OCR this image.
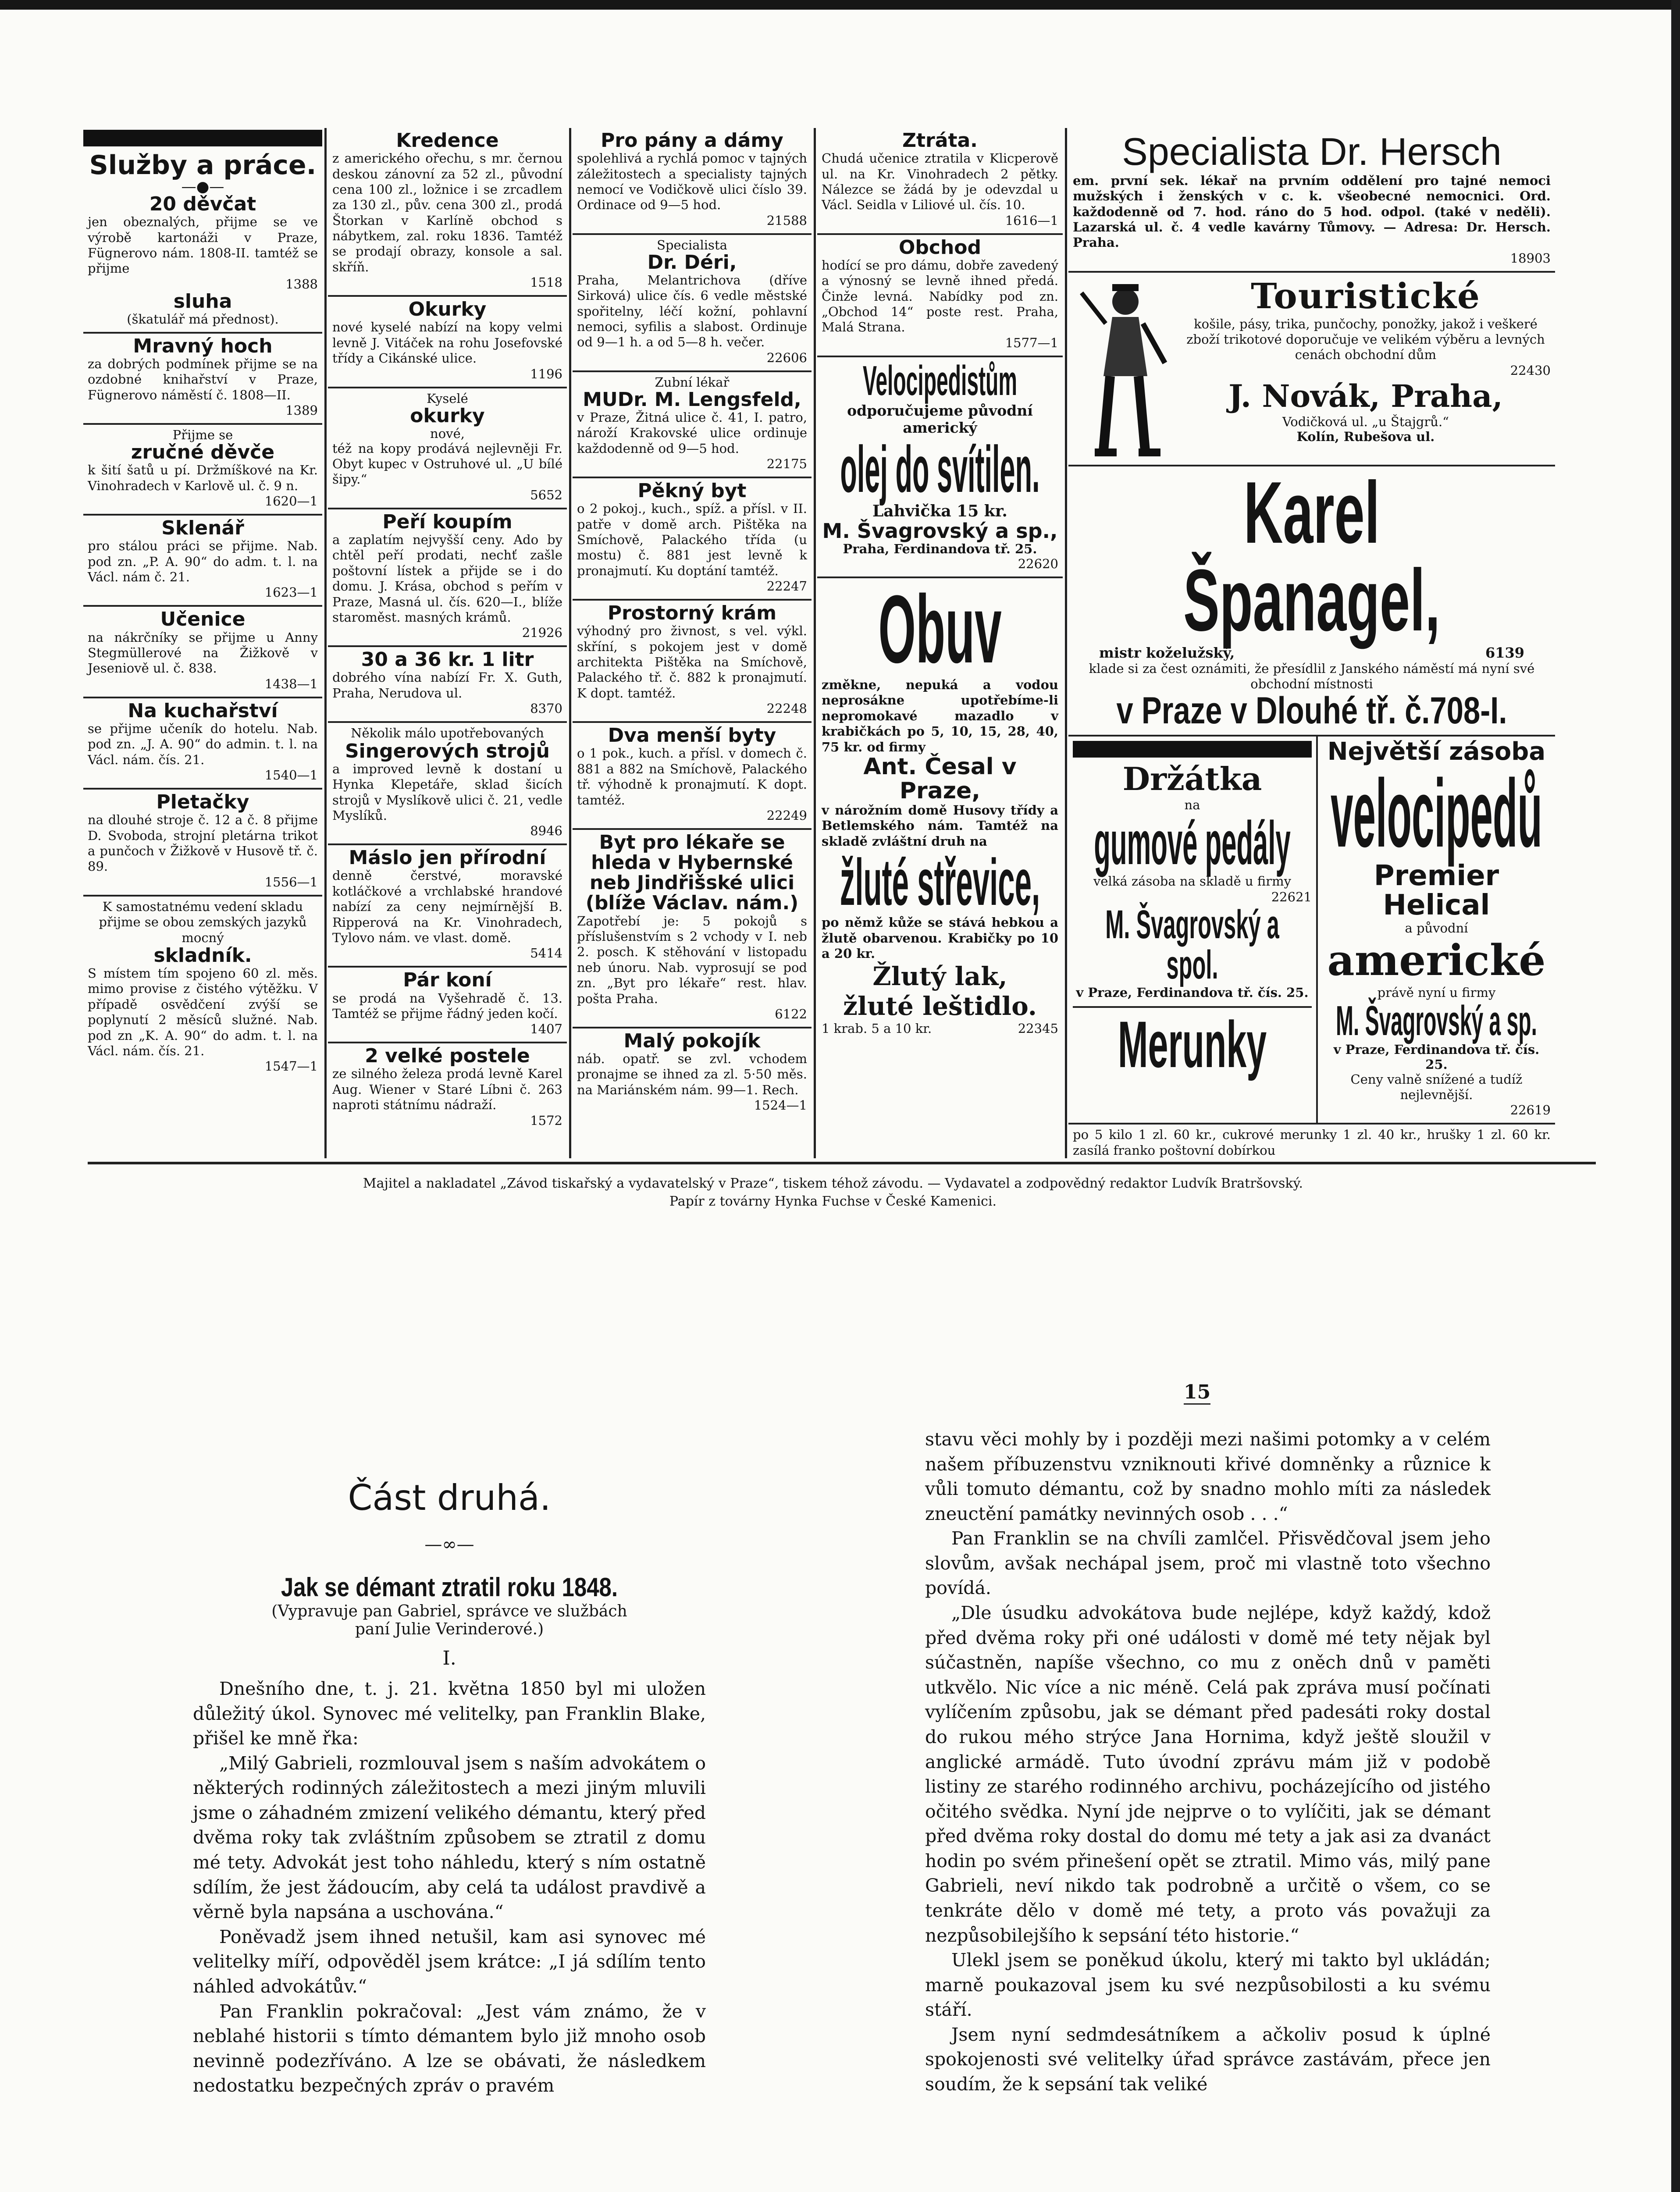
Služby a práce.
—●—
20 děvčat
jen obeznalých, přijme se ve výrobě kartonáži v Praze, Fügnerovo nám. 1808-II. tamtéž se přijme
1388
sluha
(škatulář má přednost).
Mravný hoch
za dobrých podmínek přijme se na ozdobné knihařství v Praze, Fügnerovo náměstí č. 1808—II.
1389
Přijme se
zručné děvče
k šití šatů u pí. Držmíškové na Kr. Vinohradech v Karlově ul. č. 9 n.
1620—1
Sklenář
pro stálou práci se přijme. Nab. pod zn. „P. A. 90“ do adm. t. l. na Václ. nám č. 21.
1623—1
Učenice
na nákrčníky se přijme u Anny Stegmüllerové na Žižkově v Jeseniově ul. č. 838.
1438—1
Na kuchařství
se přijme učeník do hotelu. Nab. pod zn. „J. A. 90“ do admin. t. l. na Václ. nám. čís. 21.
1540—1
Pletačky
na dlouhé stroje č. 12 a č. 8 přijme D. Svoboda, strojní pletárna trikot a punčoch v Žižkově v Husově tř. č. 89.
1556—1
K samostatnému vedení skladu přijme se obou zemských jazyků mocný
skladník.
S místem tím spojeno 60 zl. měs. mimo provise z čistého výtěžku. V případě osvědčení zvýší se poplynutí 2 měsíců služné. Nab. pod zn „K. A. 90“ do adm. t. l. na Václ. nám. čís. 21.
1547—1
Kredence
z amerického ořechu, s mr. černou deskou zánovní za 52 zl., původní cena 100 zl., ložnice i se zrcadlem za 130 zl., pův. cena 300 zl., prodá Štorkan v Karlíně obchod s nábytkem, zal. roku 1836. Tamtéž se prodají obrazy, konsole a sal. skříň.
1518
Okurky
nové kyselé nabízí na kopy velmi levně J. Vitáček na rohu Josefovské třídy a Cikánské ulice.
1196
Kyselé
okurky
nové,
též na kopy prodává nejlevněji Fr. Obyt kupec v Ostruhové ul. „U bílé šipy.“
5652
Peří koupím
a zaplatím nejvyšší ceny. Ado by chtěl peří prodati, nechť zašle poštovní lístek a přijde se i do domu. J. Krása, obchod s peřím v Praze, Masná ul. čís. 620—I., blíže staroměst. masných krámů.
21926
30 a 36 kr. 1 litr
dobrého vína nabízí Fr. X. Guth, Praha, Nerudova ul.
8370
Několik málo upotřebovaných
Singerových strojů
a improved levně k dostaní u Hynka Klepetáře, sklad šicích strojů v Myslíkově ulici č. 21, vedle Myslíků.
8946
Máslo jen přírodní
denně čerstvé, moravské kotláčkové a vrchlabské hrandové nabízí za ceny nejmírnější B. Ripperová na Kr. Vinohradech, Tylovo nám. ve vlast. domě.
5414
Pár koní
se prodá na Vyšehradě č. 13. Tamtéž se přijme řádný jeden kočí.
1407
2 velké postele
ze silného železa prodá levně Karel Aug. Wiener v Staré Líbni č. 263 naproti státnímu nádraží.
1572
Pro pány a dámy
spolehlivá a rychlá pomoc v tajných záležitostech a specialisty tajných nemocí ve Vodičkově ulici číslo 39. Ordinace od 9—5 hod.
21588
Specialista
Dr. Déri,
Praha, Melantrichova (dříve Sirková) ulice čís. 6 vedle městské spořitelny, léčí kožní, pohlavní nemoci, syfilis a slabost. Ordinuje od 9—1 h. a od 5—8 h. večer.
22606
Zubní lékař
MUDr. M. Lengsfeld,
v Praze, Žitná ulice č. 41, I. patro, nároží Krakovské ulice ordinuje každodenně od 9—5 hod.
22175
Pěkný byt
o 2 pokoj., kuch., spíž. a přísl. v II. patře v domě arch. Pištěka na Smíchově, Palackého třída (u mostu) č. 881 jest levně k pronajmutí. Ku doptání tamtéž.
22247
Prostorný krám
výhodný pro živnost, s vel. výkl. skříní, s pokojem jest v domě architekta Pištěka na Smíchově, Palackého tř. č. 882 k pronajmutí. K dopt. tamtéž.
22248
Dva menší byty
o 1 pok., kuch. a přísl. v domech č. 881 a 882 na Smíchově, Palackého tř. výhodně k pronajmutí. K dopt. tamtéž.
22249
Byt pro lékaře se hleda v Hybernské neb Jindřišské ulici (blíže Václav. nám.)
Zapotřebí je: 5 pokojů s příslušenstvím s 2 vchody v I. neb 2. posch. K stěhování v listopadu neb únoru. Nab. vyprosují se pod zn. „Byt pro lékaře“ rest. hlav. pošta Praha.
6122
Malý pokojík
náb. opatř. se zvl. vchodem pronajme se ihned za zl. 5·50 měs. na Mariánském nám. 99—1. Rech.
1524—1
Ztráta.
Chudá učenice ztratila v Klicperově ul. na Kr. Vinohradech 2 pětky. Nálezce se žádá by je odevzdal u Václ. Seidla v Liliové ul. čís. 10.
1616—1
Obchod
hodící se pro dámu, dobře zavedený a výnosný se levně ihned předá. Činže levná. Nabídky pod zn. „Obchod 14“ poste rest. Praha, Malá Strana.
1577—1
Velocipedistům
odporučujeme původní americký
olej do svítilen.
Lahvička 15 kr.
M. Švagrovský a sp.,
Praha, Ferdinandova tř. 25.
22620
Obuv
změkne, nepuká a vodou neprosákne upotřebíme-li nepromokavé mazadlo v krabičkách po 5, 10, 15, 28, 40, 75 kr. od firmy
Ant. Česal v Praze,
v nárožním domě Husovy třídy a Betlemského nám. Tamtéž na skladě zvláštní druh na
žluté střevice,
po němž kůže se stává hebkou a žlutě obarvenou. Krabičky po 10 a 20 kr.
Žlutý lak,
žluté leštidlo.
1 krab. 5 a 10 kr.	22345
Specialista Dr. Hersch
em. první sek. lékař na prvním oddělení pro tajné nemoci mužských i ženských v c. k. všeobecné nemocnici. Ord. každodenně od 7. hod. ráno do 5 hod. odpol. (také v neděli). Lazarská ul. č. 4 vedle kavárny Tůmovy. — Adresa: Dr. Hersch. Praha.
18903
Touristické
košile, pásy, trika, punčochy, ponožky, jakož i veškeré zboží trikotové doporučuje ve velikém výběru a levných cenách obchodní dům
22430
J. Novák, Praha,
Vodičková ul. „u Štajgrů.“
Kolín, Rubešova ul.
Karel Španagel,
mistr koželužský,	6139
klade si za čest oznámiti, že přesídlil z Janského náměstí má nyní své obchodní místnosti
v Praze v Dlouhé tř. č.708-I.
Držátka
na
gumové pedály
velká zásoba na skladě u firmy
22621
M. Švagrovský a spol.
v Praze, Ferdinandova tř. čís. 25.
Merunky
Největší zásoba
velocipedů
Premier Helical
a původní
americké
právě nyní u firmy
M. Švagrovský a sp.
v Praze, Ferdinandova tř. čís. 25.
Ceny valně snížené a tudíž nejlevnější.
22619
po 5 kilo 1 zl. 60 kr., cukrové merunky 1 zl. 40 kr., hrušky 1 zl. 60 kr. zasílá franko poštovní dobírkou
Majitel a nakladatel „Závod tiskařský a vydavatelský v Praze“, tiskem téhož závodu. — Vydavatel a zodpovědný redaktor Ludvík Bratršovský.
Papír z továrny Hynka Fuchse v České Kamenici.
15
Část druhá.
—∞—
Jak se démant ztratil roku 1848.
(Vypravuje pan Gabriel, správce ve službách
paní Julie Verinderové.)
I.

Dnešního dne, t. j. 21. května 1850 byl mi uložen důležitý úkol. Synovec mé velitelky, pan Franklin Blake, přišel ke mně řka:

„Milý Gabrieli, rozmlouval jsem s naším advokátem o některých rodinných záležitostech a mezi jiným mluvili jsme o záhadném zmizení velikého démantu, který před dvěma roky tak zvláštním způsobem se ztratil z domu mé tety. Advokát jest toho náhledu, který s ním ostatně sdílím, že jest žádoucím, aby celá ta událost pravdivě a věrně byla napsána a uschována.“

Poněvadž jsem ihned netušil, kam asi synovec mé velitelky míří, odpověděl jsem krátce: „I já sdílím tento náhled advokátův.“

Pan Franklin pokračoval: „Jest vám známo, že v neblahé historii s tímto démantem bylo již mnoho osob nevinně podezříváno. A lze se obávati, že následkem nedostatku bezpečných zpráv o pravém

stavu věci mohly by i později mezi našimi potomky a v celém našem příbuzenstvu vzniknouti křivé domněnky a různice k vůli tomuto démantu, což by snadno mohlo míti za následek zneuctění památky nevinných osob . . .“

Pan Franklin se na chvíli zamlčel. Přisvědčoval jsem jeho slovům, avšak nechápal jsem, proč mi vlastně toto všechno povídá.

„Dle úsudku advokátova bude nejlépe, když každý, kdož před dvěma roky při oné události v domě mé tety nějak byl súčastněn, napíše všechno, co mu z oněch dnů v paměti utkvělo. Nic více a nic méně. Celá pak zpráva musí počínati vylíčením způsobu, jak se démant před padesáti roky dostal do rukou mého strýce Jana Hornima, když ještě sloužil v anglické armádě. Tuto úvodní zprávu mám již v podobě listiny ze starého rodinného archivu, pocházejícího od jistého očitého svědka. Nyní jde nejprve o to vylíčiti, jak se démant před dvěma roky dostal do domu mé tety a jak asi za dvanáct hodin po svém přinešení opět se ztratil. Mimo vás, milý pane Gabrieli, neví nikdo tak podrobně a určitě o všem, co se tenkráte dělo v domě mé tety, a proto vás považuji za nezpůsobilejšího k sepsání této historie.“

Ulekl jsem se poněkud úkolu, který mi takto byl ukládán; marně poukazoval jsem ku své nezpůsobilosti a ku svému stáří.

Jsem nyní sedmdesátníkem a ačkoliv posud k úplné spokojenosti své velitelky úřad správce zastávám, přece jen soudím, že k sepsání tak veliké
